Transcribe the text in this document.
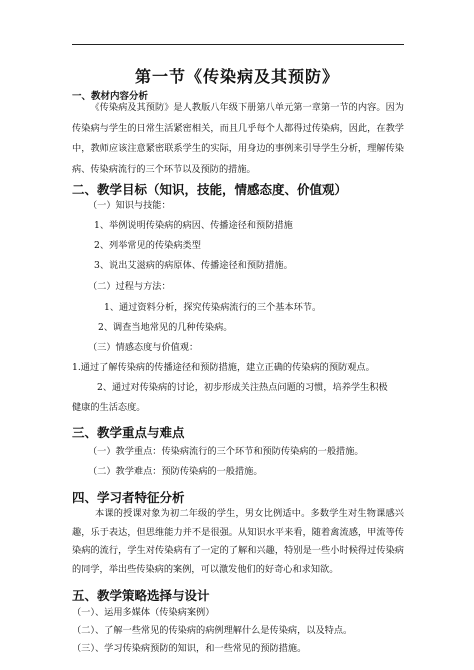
第一节《传染病及其预防》
一、教材内容分析
《传染病及其预防》是人教版八年级下册第八单元第一章第一节的内容。因为传染病与学生的日常生活紧密相关，而且几乎每个人都得过传染病，因此，在教学中，教师应该注意紧密联系学生的实际，用身边的事例来引导学生分析，理解传染病、传染病流行的三个环节以及预防的措施。
二、教学目标（知识，技能，情感态度、价值观）
（一）知识与技能：
1、举例说明传染病的病因、传播途径和预防措施
2、列举常见的传染病类型
3、说出艾滋病的病原体、传播途径和预防措施。
（二）过程与方法：
1、通过资料分析，探究传染病流行的三个基本环节。
2、调查当地常见的几种传染病。
（三）情感态度与价值观：
1.通过了解传染病的传播途径和预防措施，建立正确的传染病的预防观点。
2、通过对传染病的讨论，初步形成关注热点问题的习惯，培养学生积极
健康的生活态度。
三、教学重点与难点
（一）教学重点：传染病流行的三个环节和预防传染病的一般措施。
（二）教学难点：预防传染病的一般措施。
四、学习者特征分析
本课的授课对象为初二年级的学生，男女比例适中。多数学生对生物课感兴趣，乐于表达，但思维能力并不是很强。从知识水平来看，随着禽流感，甲流等传染病的流行，学生对传染病有了一定的了解和兴趣，特别是一些小时候得过传染病的同学，举出些传染病的案例，可以激发他们的好奇心和求知欲。
五、教学策略选择与设计
（一）、运用多媒体（传染病案例）
（二）、了解一些常见的传染病的病例理解什么是传染病，以及特点。
（三）、学习传染病预防的知识，和一些常见的预防措施。
